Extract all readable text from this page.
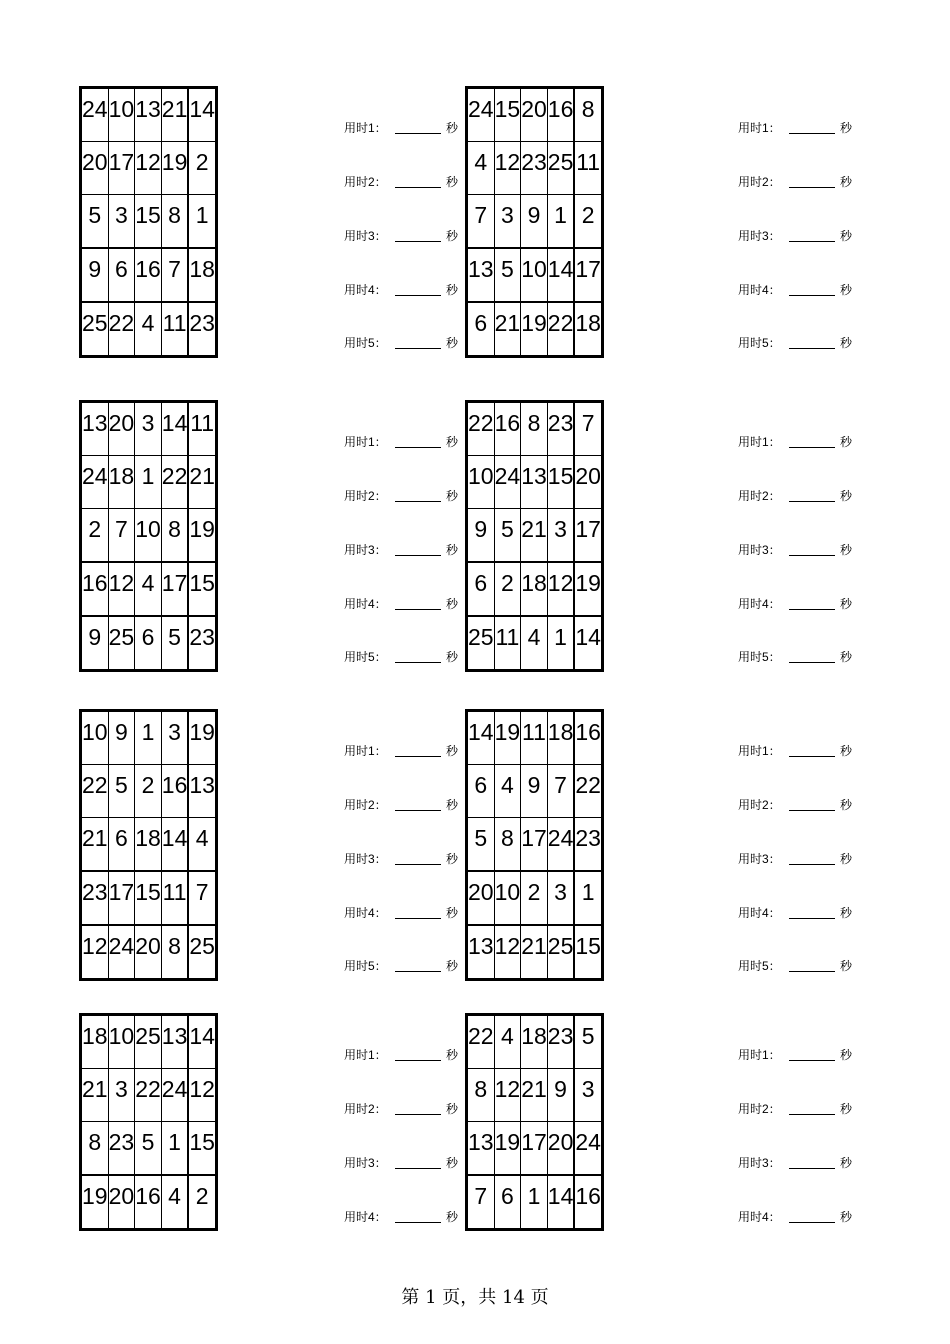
24	10	13	21	14
20	17	12	19	2
5	3	15	8	1
9	6	16	7	18
25	22	4	11	23
用时1：	秒
用时2：	秒
用时3：	秒
用时4：	秒
用时5：	秒
24	15	20	16	8
4	12	23	25	11
7	3	9	1	2
13	5	10	14	17
6	21	19	22	18
用时1：	秒
用时2：	秒
用时3：	秒
用时4：	秒
用时5：	秒
13	20	3	14	11
24	18	1	22	21
2	7	10	8	19
16	12	4	17	15
9	25	6	5	23
用时1：	秒
用时2：	秒
用时3：	秒
用时4：	秒
用时5：	秒
22	16	8	23	7
10	24	13	15	20
9	5	21	3	17
6	2	18	12	19
25	11	4	1	14
用时1：	秒
用时2：	秒
用时3：	秒
用时4：	秒
用时5：	秒
10	9	1	3	19
22	5	2	16	13
21	6	18	14	4
23	17	15	11	7
12	24	20	8	25
用时1：	秒
用时2：	秒
用时3：	秒
用时4：	秒
用时5：	秒
14	19	11	18	16
6	4	9	7	22
5	8	17	24	23
20	10	2	3	1
13	12	21	25	15
用时1：	秒
用时2：	秒
用时3：	秒
用时4：	秒
用时5：	秒
18	10	25	13	14
21	3	22	24	12
8	23	5	1	15
19	20	16	4	2
用时1：	秒
用时2：	秒
用时3：	秒
用时4：	秒
22	4	18	23	5
8	12	21	9	3
13	19	17	20	24
7	6	1	14	16
用时1：	秒
用时2：	秒
用时3：	秒
用时4：	秒
第 1 页，共 14 页
